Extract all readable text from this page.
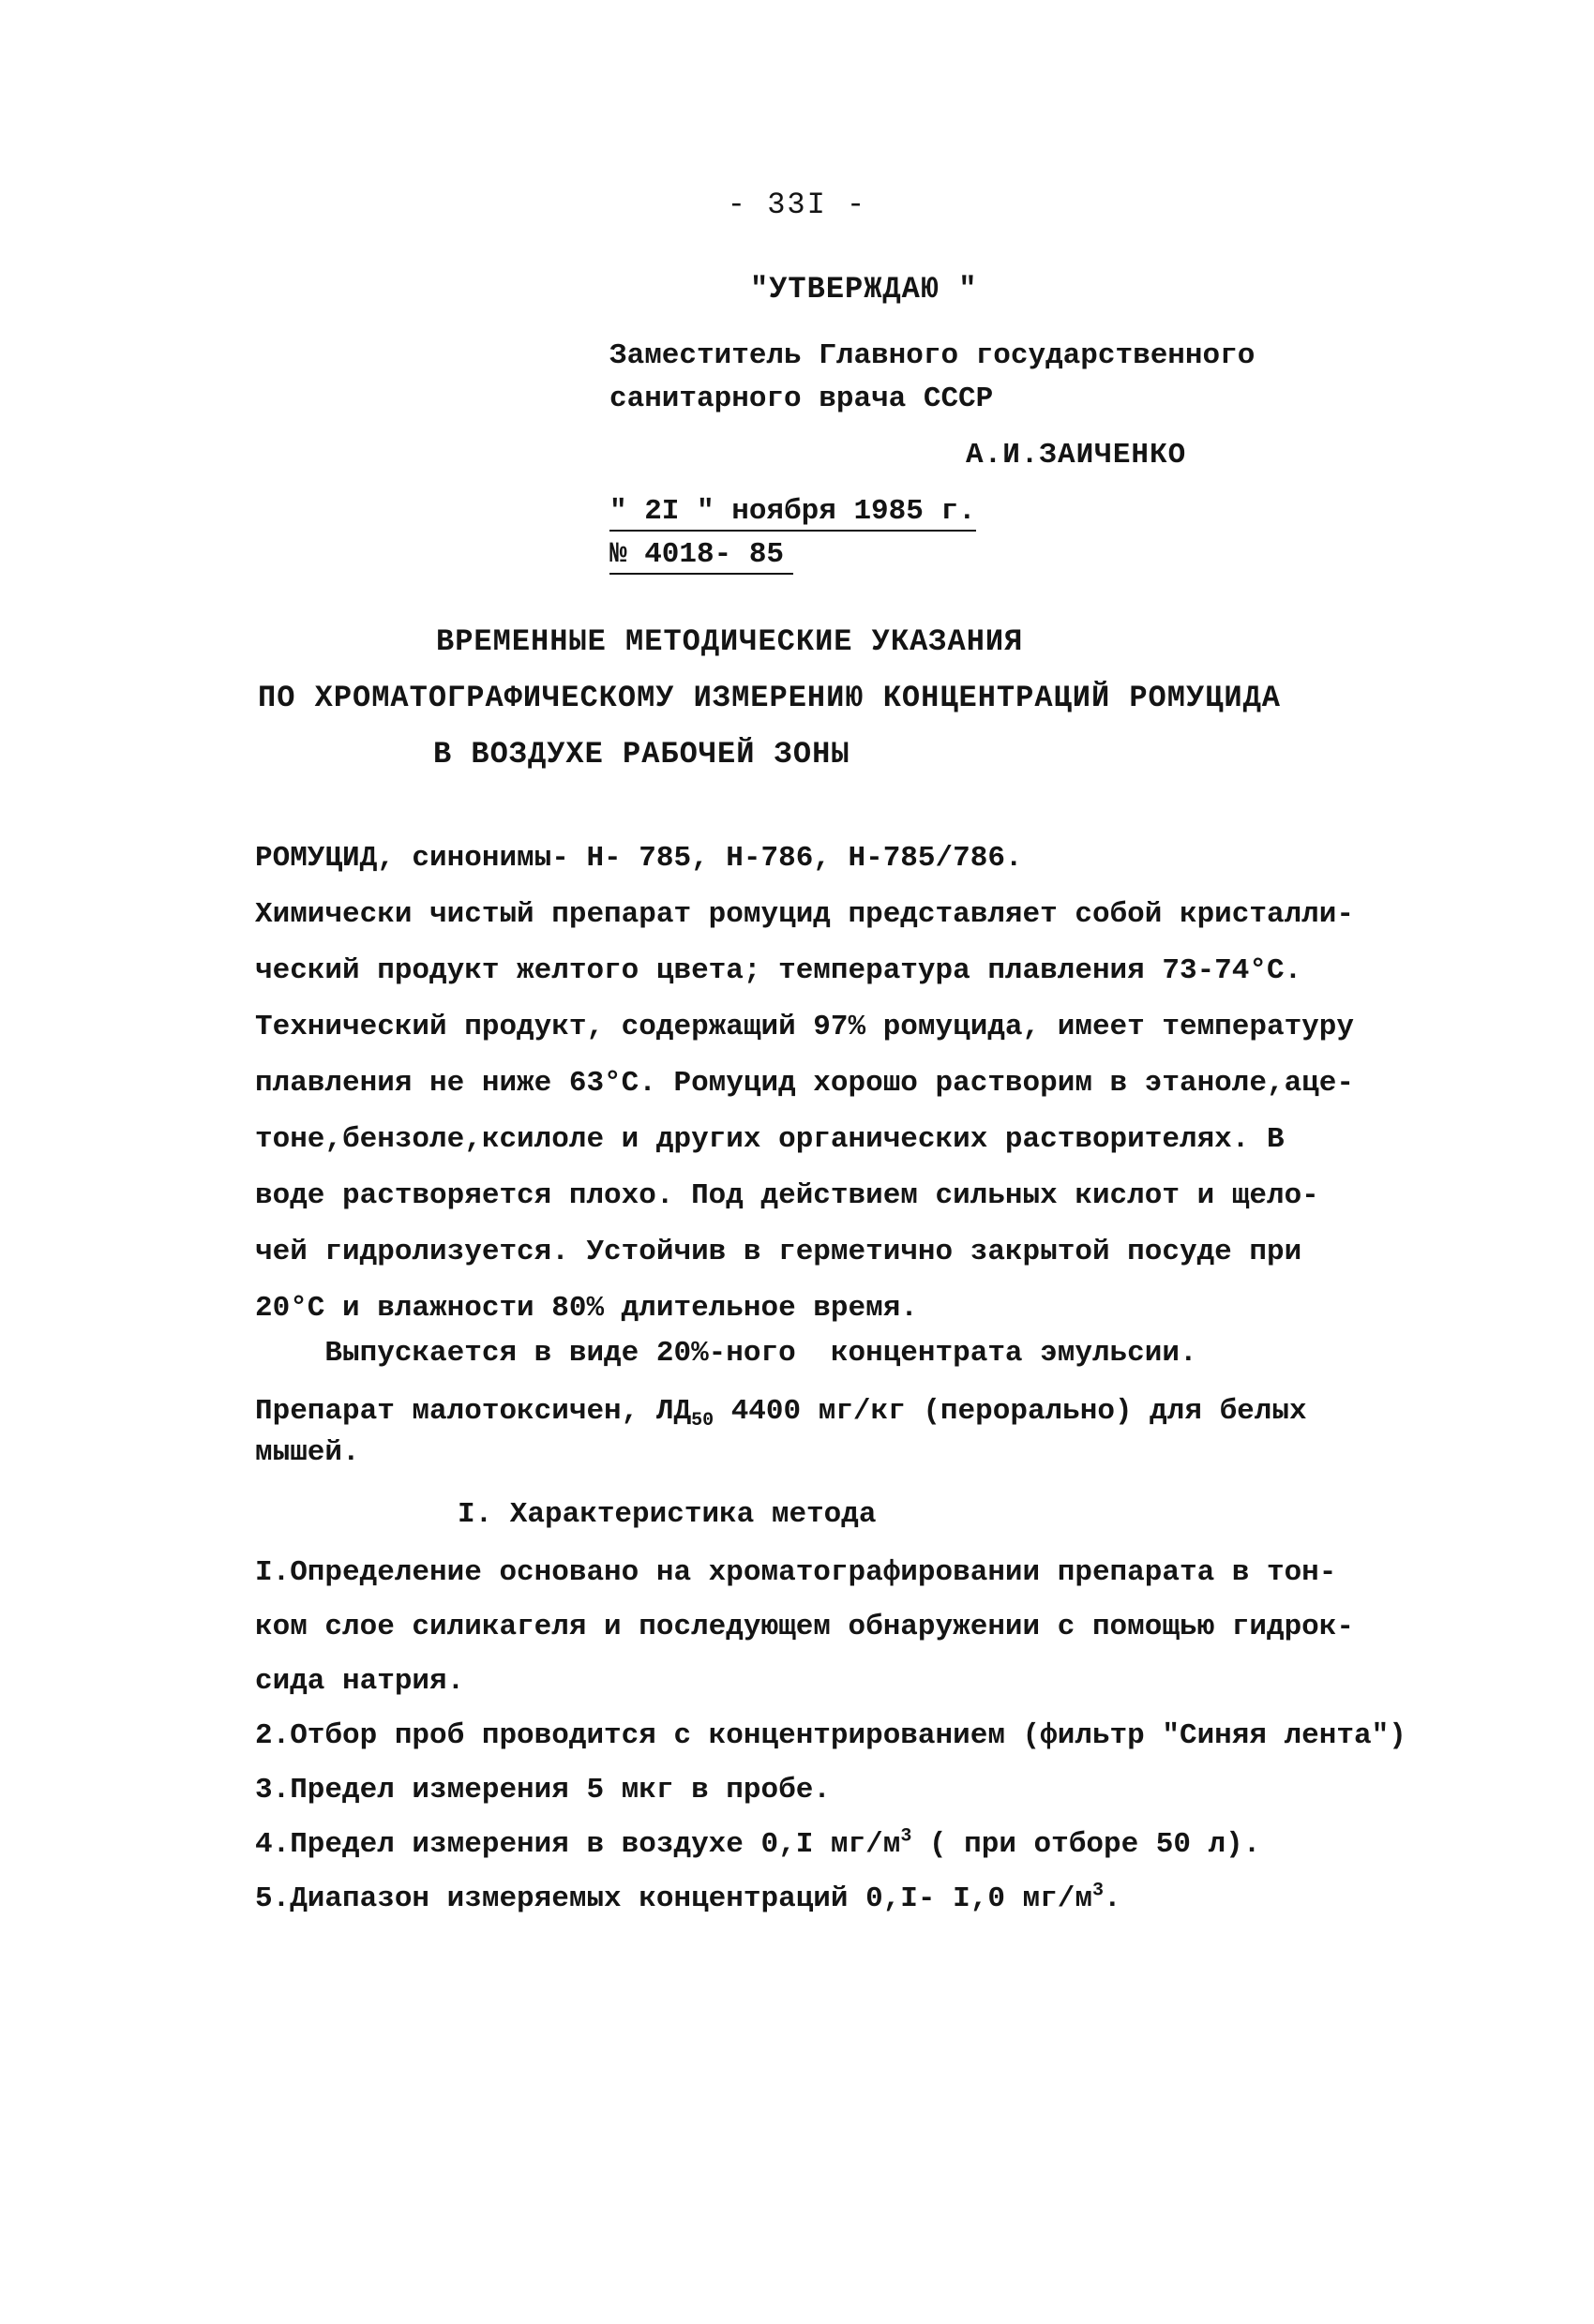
- 33I -
"УТВЕРЖДАЮ "
Заместитель Главного государственного
санитарного врача СССР
А.И.ЗАИЧЕНКО
" 2I " ноября 1985 г.
№ 4018- 85
ВРЕМЕННЫЕ МЕТОДИЧЕСКИЕ УКАЗАНИЯ
ПО ХРОМАТОГРАФИЧЕСКОМУ ИЗМЕРЕНИЮ КОНЦЕНТРАЦИЙ РОМУЦИДА
В ВОЗДУХЕ РАБОЧЕЙ ЗОНЫ
РОМУЦИД, синонимы- Н- 785, Н-786, Н-785/786.
Химически чистый препарат ромуцид представляет собой кристалли-
ческий продукт желтого цвета; температура плавления 73-74°С.
Технический продукт, содержащий 97% ромуцида, имеет температуру
плавления не ниже 63°С. Ромуцид хорошо растворим в этаноле,аце-
тоне,бензоле,ксилоле и других органических растворителях. В
воде растворяется плохо. Под действием сильных кислот и щело-
чей гидролизуется. Устойчив в герметично закрытой посуде при
20°С и влажности 80% длительное время.
Выпускается в виде 20%-ного  концентрата эмульсии.
Препарат малотоксичен, $ЛД_{50}$ 4400 мг/кг (перорально) для белых
мышей.
I. Характеристика метода
I.Определение основано на хроматографировании препарата в тон-
ком слое силикагеля и последующем обнаружении с помощью гидрок-
сида натрия.
2.Отбор проб проводится с концентрированием (фильтр "Синяя лента")
3.Предел измерения 5 мкг в пробе.
4.Предел измерения в воздухе 0,I $мг/м^3$ ( при отборе 50 л).
5.Диапазон измеряемых концентраций 0,I- I,0 $мг/м^3$.
